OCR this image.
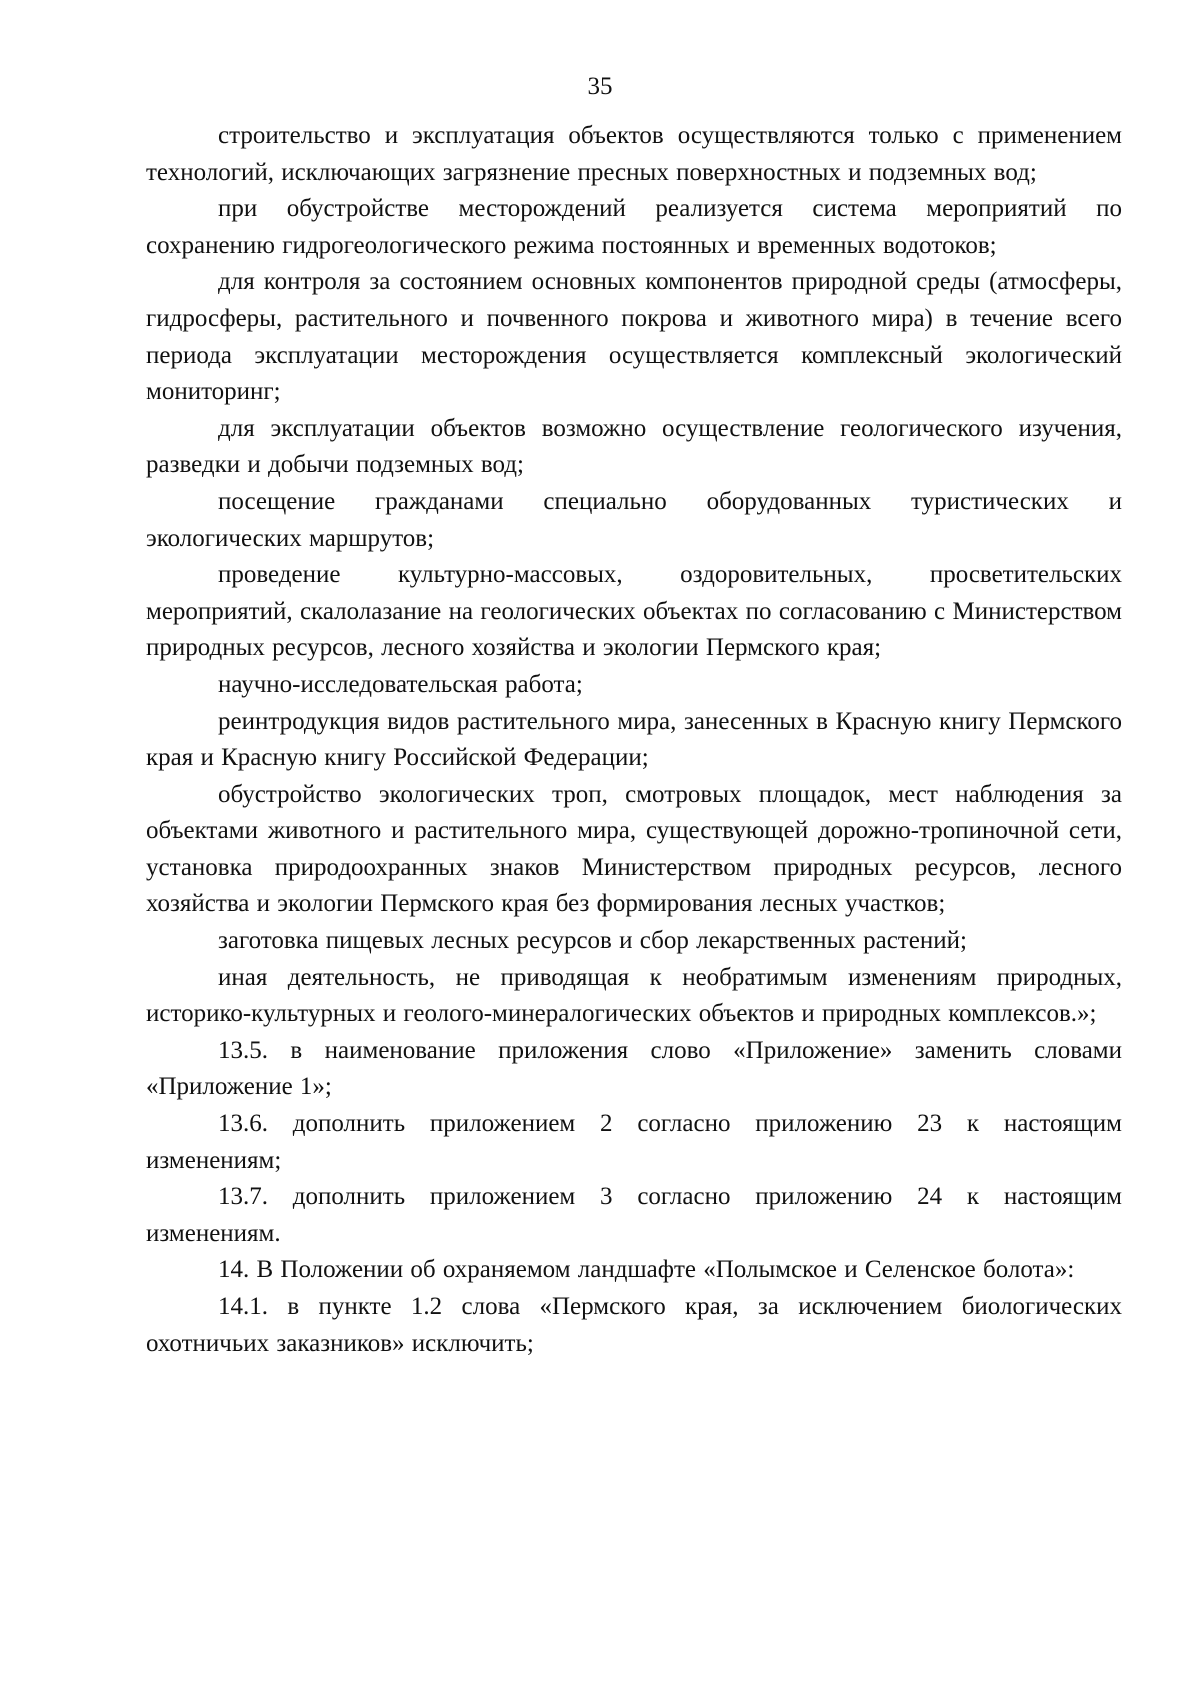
35

строительство и эксплуатация объектов осуществляются только с применением технологий, исключающих загрязнение пресных поверхностных и подземных вод;

при обустройстве месторождений реализуется система мероприятий по сохранению гидрогеологического режима постоянных и временных водотоков;

для контроля за состоянием основных компонентов природной среды (атмосферы, гидросферы, растительного и почвенного покрова и животного мира) в течение всего периода эксплуатации месторождения осуществляется комплексный экологический мониторинг;

для эксплуатации объектов возможно осуществление геологического изучения, разведки и добычи подземных вод;

посещение гражданами специально оборудованных туристических и экологических маршрутов;

проведение культурно-массовых, оздоровительных, просветительских мероприятий, скалолазание на геологических объектах по согласованию с Министерством природных ресурсов, лесного хозяйства и экологии Пермского края;

научно-исследовательская работа;

реинтродукция видов растительного мира, занесенных в Красную книгу Пермского края и Красную книгу Российской Федерации;

обустройство экологических троп, смотровых площадок, мест наблюдения за объектами животного и растительного мира, существующей дорожно-тропиночной сети, установка природоохранных знаков Министерством природных ресурсов, лесного хозяйства и экологии Пермского края без формирования лесных участков;

заготовка пищевых лесных ресурсов и сбор лекарственных растений;

иная деятельность, не приводящая к необратимым изменениям природных, историко-культурных и геолого-минералогических объектов и природных комплексов.»;

13.5. в наименование приложения слово «Приложение» заменить словами «Приложение 1»;

13.6. дополнить приложением 2 согласно приложению 23 к настоящим изменениям;

13.7. дополнить приложением 3 согласно приложению 24 к настоящим изменениям.

14. В Положении об охраняемом ландшафте «Полымское и Селенское болота»:

14.1. в пункте 1.2 слова «Пермского края, за исключением биологических охотничьих заказников» исключить;
